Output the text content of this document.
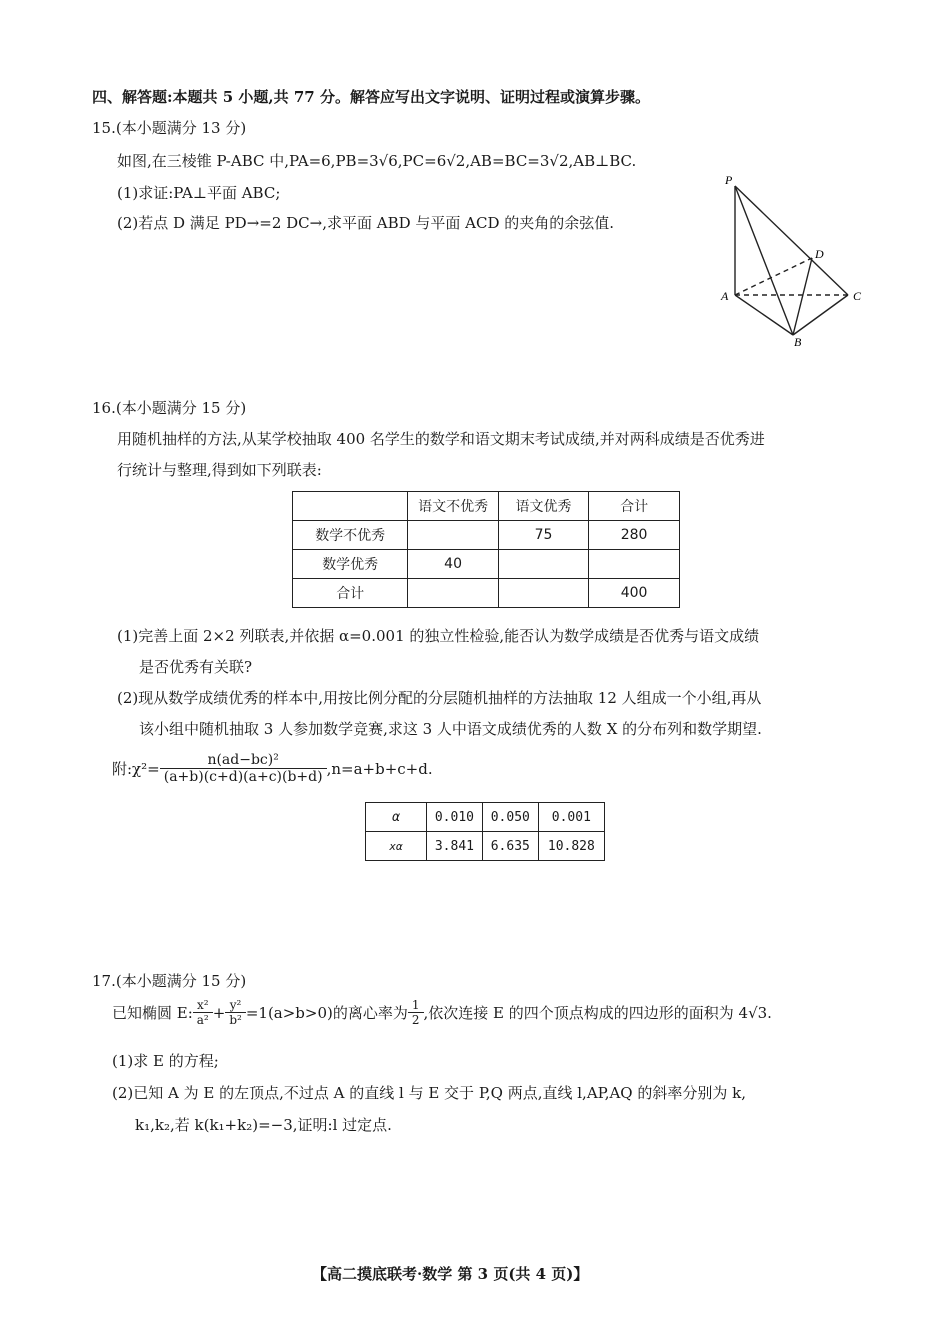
四、解答题:本题共 5 小题,共 77 分。解答应写出文字说明、证明过程或演算步骤。
15.(本小题满分 13 分)
如图,在三棱锥 P-ABC 中,PA=6,PB=3√6,PC=6√2,AB=BC=3√2,AB⊥BC.
(1)求证:PA⊥平面 ABC;
(2)若点 D 满足 PD→=2 DC→,求平面 ABD 与平面 ACD 的夹角的余弦值.
P
A
B
C
D
16.(本小题满分 15 分)
用随机抽样的方法,从某学校抽取 400 名学生的数学和语文期末考试成绩,并对两科成绩是否优秀进
行统计与整理,得到如下列联表:
	语文不优秀	语文优秀	合计
数学不优秀		75	280
数学优秀	40		
合计			400
(1)完善上面 2×2 列联表,并依据 α=0.001 的独立性检验,能否认为数学成绩是否优秀与语文成绩
是否优秀有关联?
(2)现从数学成绩优秀的样本中,用按比例分配的分层随机抽样的方法抽取 12 人组成一个小组,再从
该小组中随机抽取 3 人参加数学竞赛,求这 3 人中语文成绩优秀的人数 X 的分布列和数学期望.
附:χ²= $\frac{\text{n(ad−bc)²}}{(a+b)(c+d)(a+c)(b+d)} ,n=a+b+c+d$.
α	0.010	0.050	0.001
xα	3.841	6.635	10.828
17.(本小题满分 15 分)
已知椭圆 E: $\frac{\text{x²}}{\text{a²}} + \frac{\text{y²}}{\text{b²}} =1(a>b>0)$的离心率为 $\frac{1}{2}$ ,依次连接 E 的四个顶点构成的四边形的面积为 4√3.
(1)求 E 的方程;
(2)已知 A 为 E 的左顶点,不过点 A 的直线 l 与 E 交于 P,Q 两点,直线 l,AP,AQ 的斜率分别为 k,
k₁,k₂,若 k(k₁+k₂)=−3,证明:l 过定点.
【高二摸底联考·数学 第 3 页(共 4 页)】
